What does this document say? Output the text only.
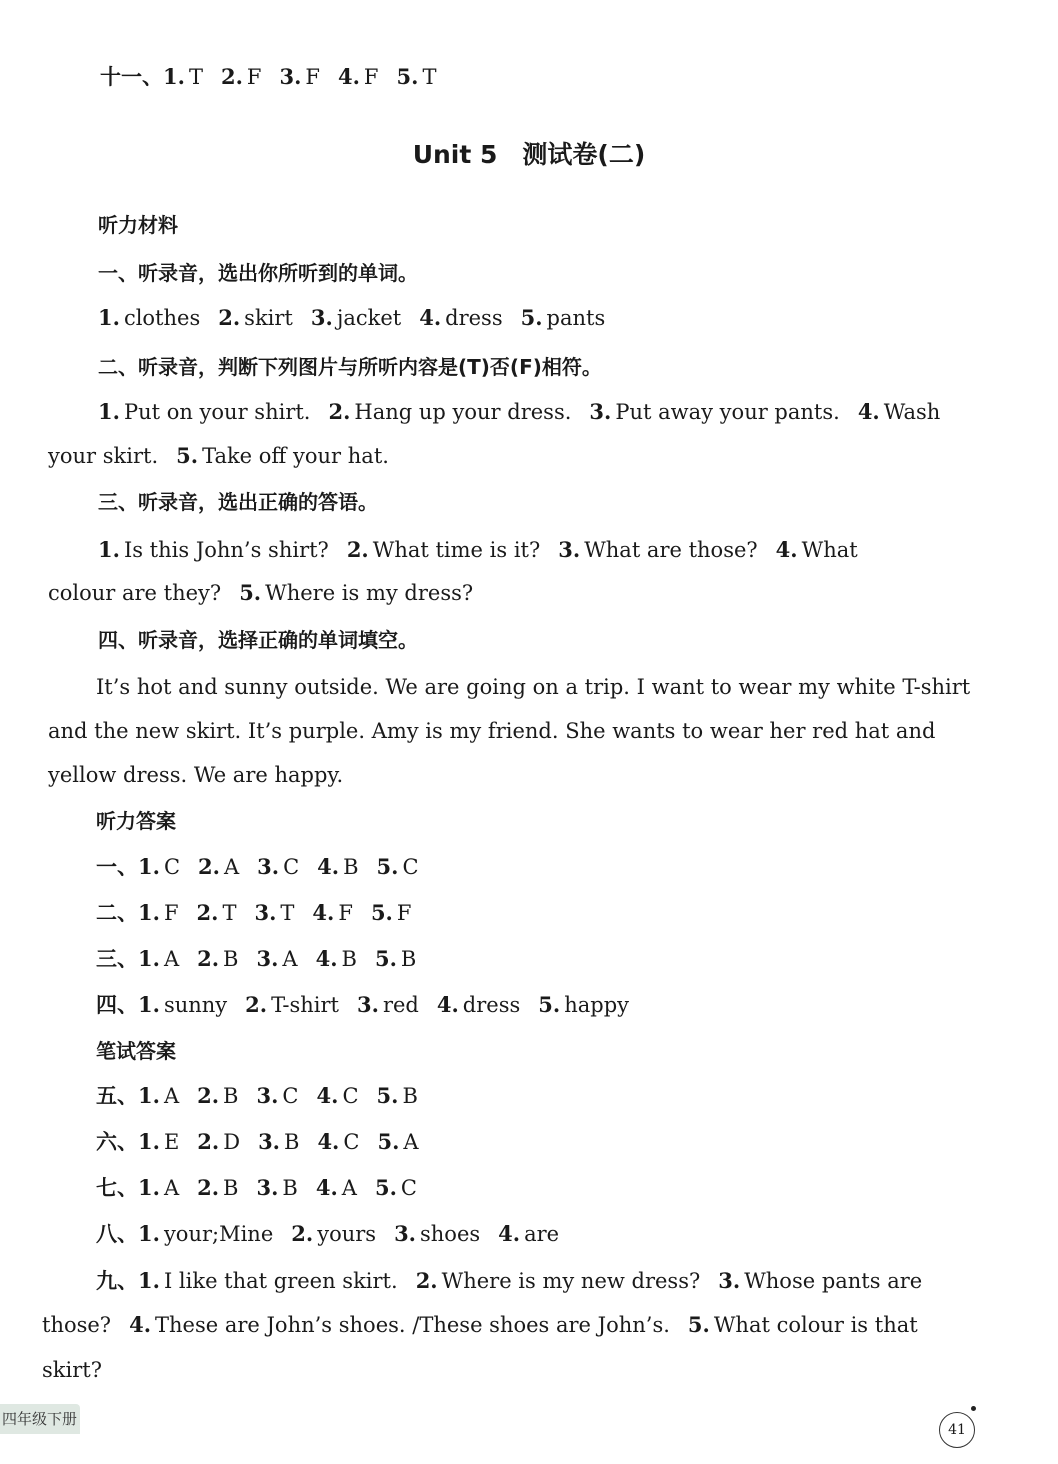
十一、1. T 2. F 3. F 4. F 5. T
Unit 5　测试卷(二)
听力材料
一、听录音，选出你所听到的单词。
1. clothes 2. skirt 3. jacket 4. dress 5. pants
二、听录音，判断下列图片与所听内容是(T)否(F)相符。
1. Put on your shirt. 2. Hang up your dress. 3. Put away your pants. 4. Wash
your skirt. 5. Take off your hat.
三、听录音，选出正确的答语。
1. Is this John’s shirt? 2. What time is it? 3. What are those? 4. What
colour are they? 5. Where is my dress?
四、听录音，选择正确的单词填空。
It’s hot and sunny outside. We are going on a trip. I want to wear my white T-shirt
and the new skirt. It’s purple. Amy is my friend. She wants to wear her red hat and
yellow dress. We are happy.
听力答案
一、1. C 2. A 3. C 4. B 5. C
二、1. F 2. T 3. T 4. F 5. F
三、1. A 2. B 3. A 4. B 5. B
四、1. sunny 2. T-shirt 3. red 4. dress 5. happy
笔试答案
五、1. A 2. B 3. C 4. C 5. B
六、1. E 2. D 3. B 4. C 5. A
七、1. A 2. B 3. B 4. A 5. C
八、1. your;Mine 2. yours 3. shoes 4. are
九、1. I like that green skirt. 2. Where is my new dress? 3. Whose pants are
those? 4. These are John’s shoes. /These shoes are John’s. 5. What colour is that
skirt?
四年级下册
41
